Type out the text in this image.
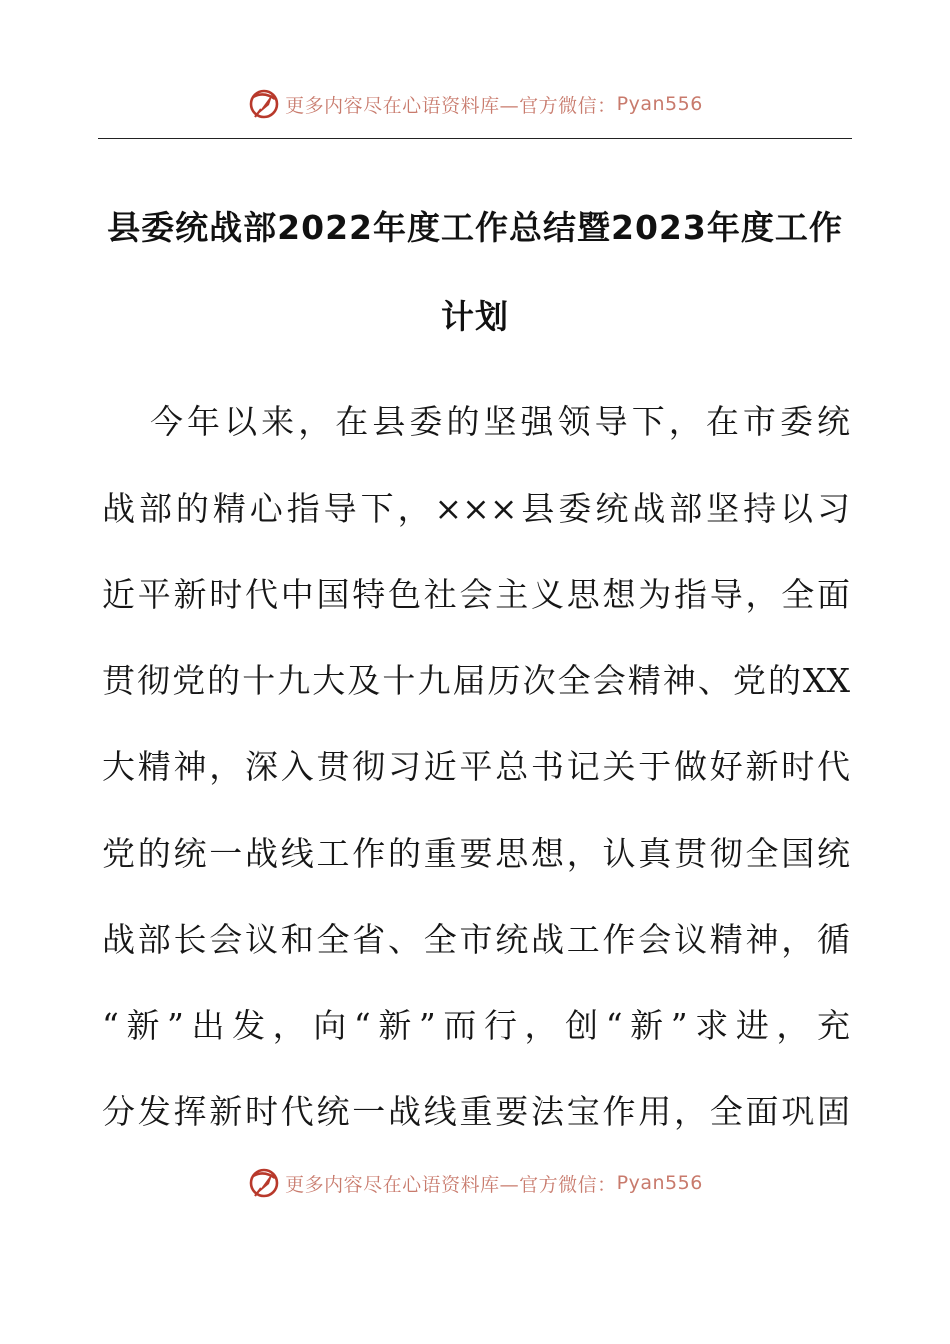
更多内容尽在心语资料库—官方微信： Pyan556
县委统战部2022年度工作总结暨2023年度工作
计划
今年以来，在县委的坚强领导下，在市委统
战部的精心指导下，×××县委统战部坚持以习
近平新时代中国特色社会主义思想为指导，全面
贯彻党的十九大及十九届历次全会精神、党的XX
大精神，深入贯彻习近平总书记关于做好新时代
党的统一战线工作的重要思想，认真贯彻全国统
战部长会议和全省、全市统战工作会议精神，循
“新”出发，向“新”而行，创“新”求进，充
分发挥新时代统一战线重要法宝作用，全面巩固
更多内容尽在心语资料库—官方微信： Pyan556
